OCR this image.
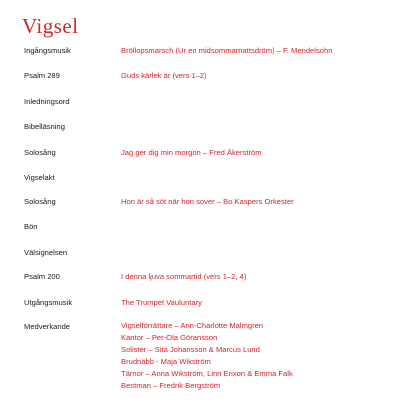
Vigsel
Ingångsmusik	Bröllopsmarsch (Ur en midsommarnattsdröm) – F. Mendelsohn
Psalm 289	Guds kärlek är (vers 1–2)
Inledningsord
Bibelläsning
Solosång	Jag ger dig min morgon – Fred Åkerström
Vigselakt
Solosång	Hon är så söt när hon sover – Bo Kaspers Orkester
Bön
Välsignelsen
Psalm 200	I denna ljuva sommartid (vers 1–2, 4)
Utgångsmusik	The Trumpet Vauluntary
Medverkande	Vigselförrättare – Ann-Charlotte Malmgren
Kantor – Per-Ola Göransson
Solister – Sita Johansson & Marcus Lund
Brudnäbb - Maja Wikström
Tärnor – Anna Wikström, Linn Erixon & Emma Falk
Bestman – Fredrik Bergström
